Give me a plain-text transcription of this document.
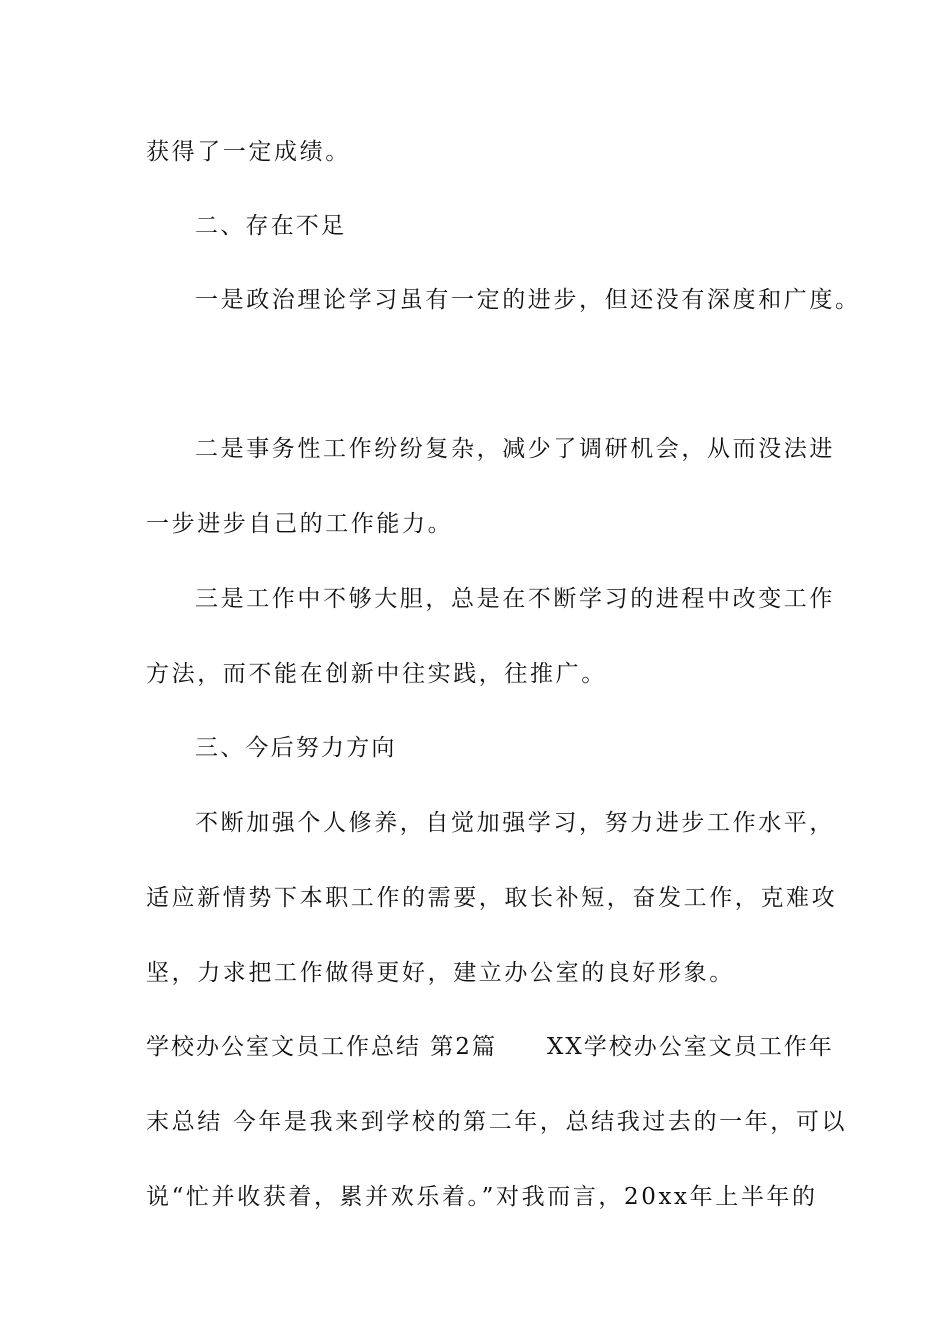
获得了一定成绩。
二、存在不足
一是政治理论学习虽有一定的进步，但还没有深度和广度。
二是事务性工作纷纷复杂，减少了调研机会，从而没法进
一步进步自己的工作能力。
三是工作中不够大胆，总是在不断学习的进程中改变工作
方法，而不能在创新中往实践，往推广。
三、今后努力方向
不断加强个人修养，自觉加强学习，努力进步工作水平，
适应新情势下本职工作的需要，取长补短，奋发工作，克难攻
坚，力求把工作做得更好，建立办公室的良好形象。
学校办公室文员工作总结 第2篇　　XX学校办公室文员工作年
末总结 今年是我来到学校的第二年，总结我过去的一年，可以
说“忙并收获着，累并欢乐着。”对我而言，20xx年上半年的
